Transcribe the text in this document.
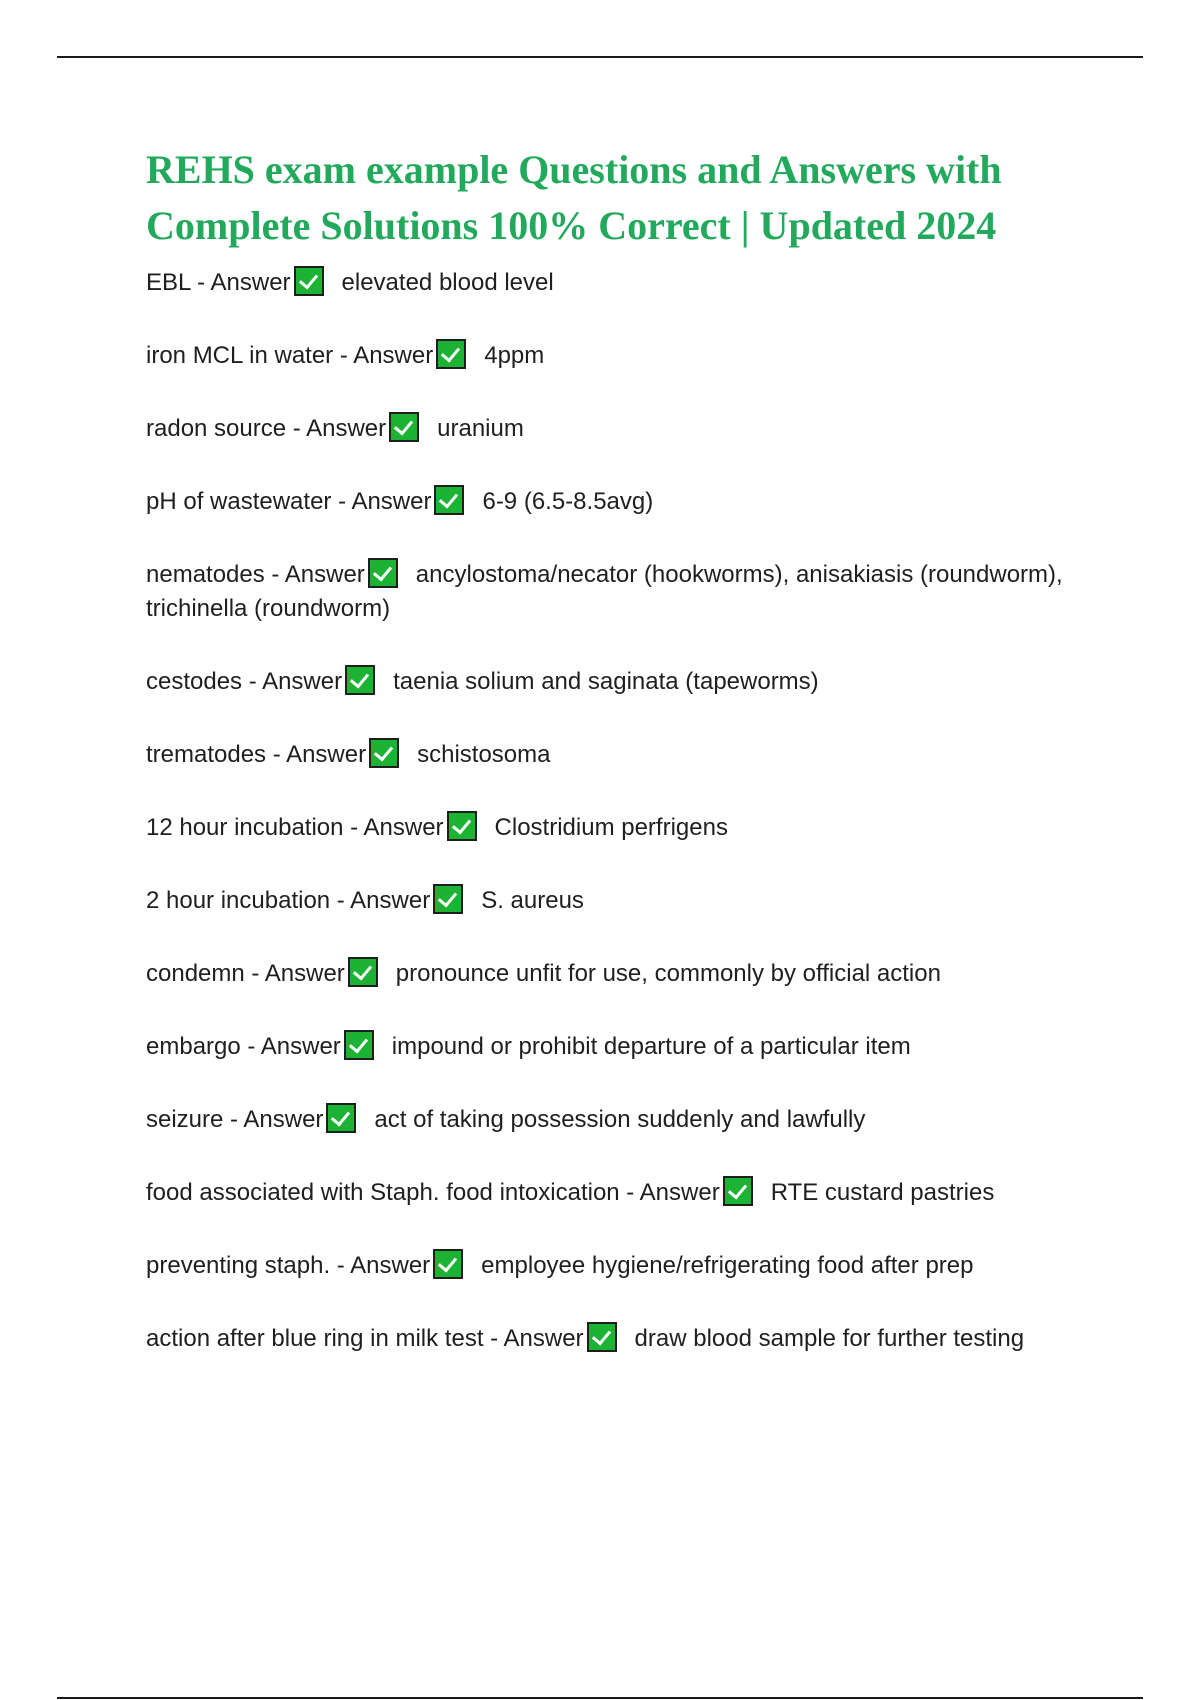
REHS exam example Questions and Answers with Complete Solutions 100% Correct | Updated 2024
EBL - Answer elevated blood level
iron MCL in water - Answer 4ppm
radon source - Answer uranium
pH of wastewater - Answer 6-9 (6.5-8.5avg)
nematodes - Answer ancylostoma/necator (hookworms), anisakiasis (roundworm), trichinella (roundworm)
cestodes - Answer taenia solium and saginata (tapeworms)
trematodes - Answer schistosoma
12 hour incubation - Answer Clostridium perfrigens
2 hour incubation - Answer S. aureus
condemn - Answer pronounce unfit for use, commonly by official action
embargo - Answer impound or prohibit departure of a particular item
seizure - Answer act of taking possession suddenly and lawfully
food associated with Staph. food intoxication - Answer RTE custard pastries
preventing staph. - Answer employee hygiene/refrigerating food after prep
action after blue ring in milk test - Answer draw blood sample for further testing
